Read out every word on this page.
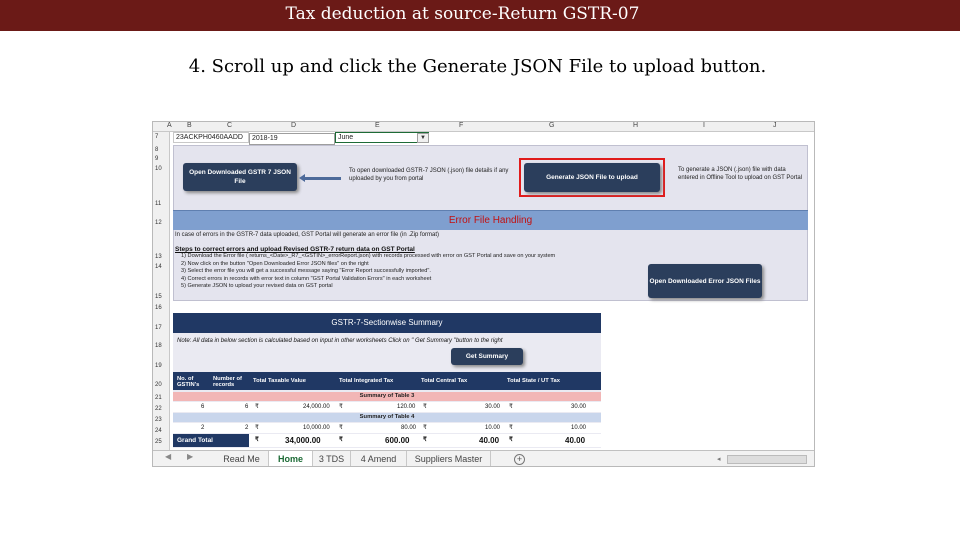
Tax deduction at source-Return GSTR-07
4. Scroll up and click the Generate JSON File to upload button.
A B	C	D	E	F	G	H	I	J
7
8
9
10
11
12
13
14
15
16
17
18
19
20
21
22
23
24
25
23ACKPH0460AADD	2018-19	June	▼
Open Downloaded GSTR 7 JSON File
To open downloaded GSTR-7 JSON (.json) file details if any uploaded by you from portal	Generate JSON File to upload
To generate a JSON (.json) file with data entered in Offline Tool to upload on GST Portal
Error File Handling
In case of errors in the GSTR-7 data uploaded, GST Portal will generate an error file (in .Zip format)
Steps to correct errors and upload Revised GSTR-7 return data on GST Portal
1) Download the Error file ( returns_<Date>_R7_<GSTIN>_errorReport.json) with records processed with error on GST Portal and save on your system
2) Now click on the button "Open Downloaded Error JSON files" on the right
3) Select the error file you will get a successful message saying "Error Report successfully imported".
4) Correct errors in records with error text in column "GST Portal Validation Errors" in each worksheet
5) Generate JSON to upload your revised data on GST portal
Open Downloaded Error JSON Files
GSTR-7-Sectionwise Summary
Note: All data in below section is calculated based on input in other worksheets Click on " Get Summary "button to the right
Get Summary
No. of GSTIN's
Number of records
Total Taxable Value	Total Integrated Tax	Total Central Tax	Total State / UT Tax
Summary of Table 3
6	6 ₹	24,000.00 ₹	120.00 ₹	30.00 ₹	30.00
Summary of Table 4
2	2 ₹	10,000.00 ₹	80.00 ₹	10.00 ₹	10.00
Grand Total	₹	34,000.00	₹	600.00 ₹	40.00 ₹	40.00
◀ ▶	Read Me	Home	3 TDS	4 Amend	Suppliers Master	+	◂
